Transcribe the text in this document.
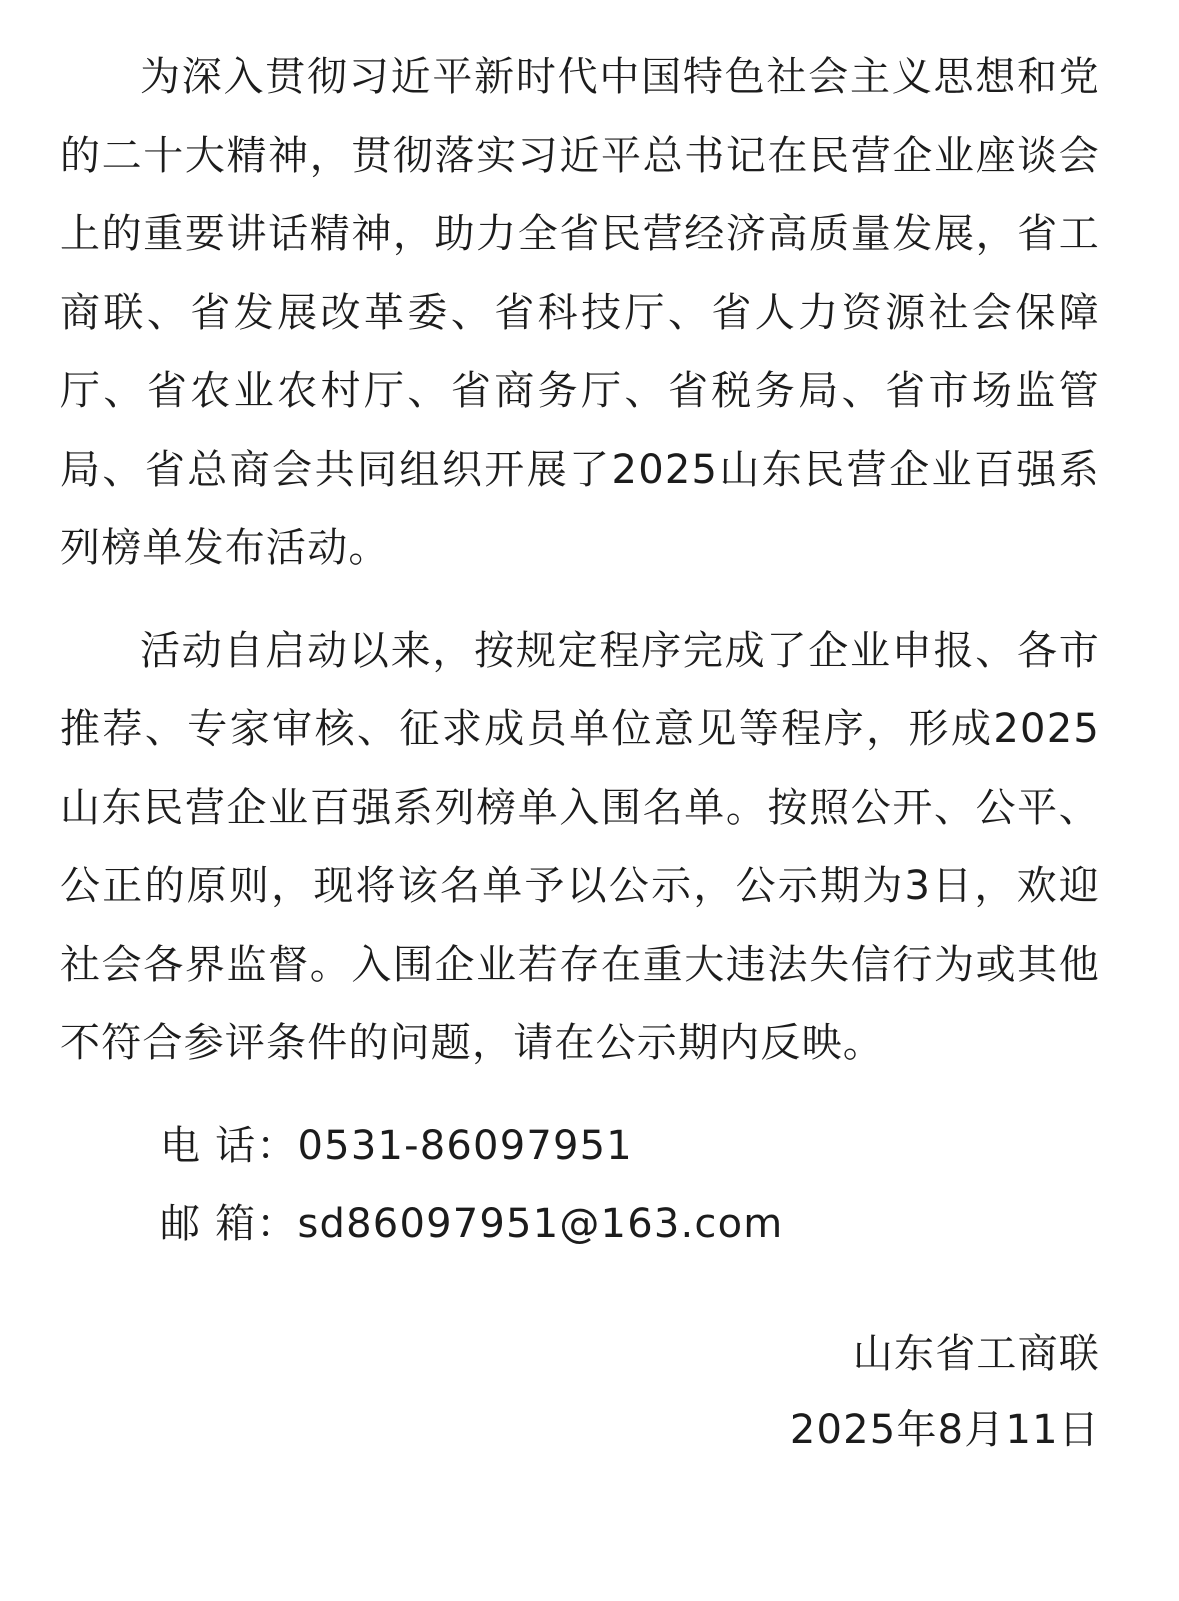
为深入贯彻习近平新时代中国特色社会主义思想和党的二十大精神，贯彻落实习近平总书记在民营企业座谈会上的重要讲话精神，助力全省民营经济高质量发展，省工商联、省发展改革委、省科技厅、省人力资源社会保障厅、省农业农村厅、省商务厅、省税务局、省市场监管局、省总商会共同组织开展了2025山东民营企业百强系列榜单发布活动。

活动自启动以来，按规定程序完成了企业申报、各市推荐、专家审核、征求成员单位意见等程序，形成2025山东民营企业百强系列榜单入围名单。按照公开、公平、公正的原则，现将该名单予以公示，公示期为3日，欢迎社会各界监督。入围企业若存在重大违法失信行为或其他不符合参评条件的问题，请在公示期内反映。

电 话：0531-86097951
邮 箱：sd86097951@163.com
山东省工商联
2025年8月11日
